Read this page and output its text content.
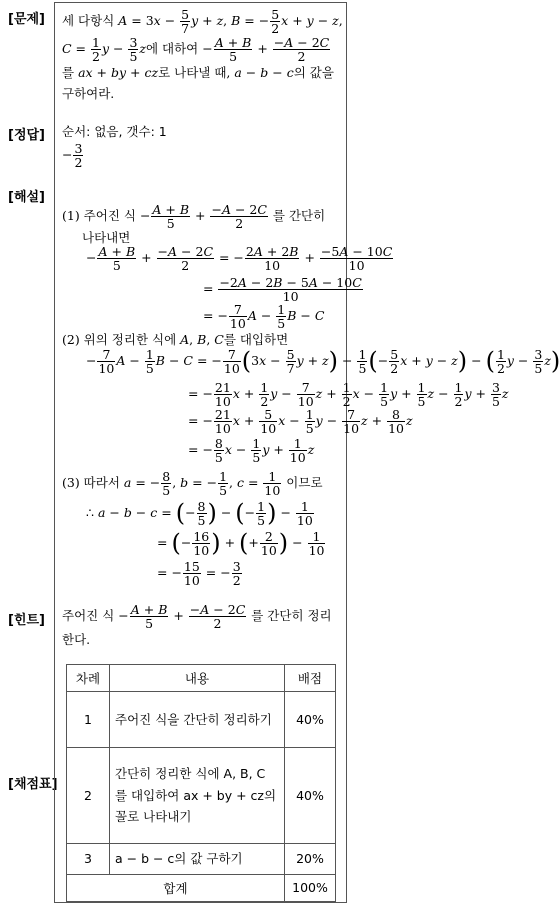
[문제]
[정답]
[해설]
[힌트]
[채점표]
세 다항식 $A = 3x - \frac{5}{7}$ y + z, B = − $\frac{5}{2}$ x + y − z,
$C = \frac{1}{2}$ $y - \frac{3}{5}$ z에 대하여 − $\frac{A + B}{5} + \frac{-A - 2C}{2}$
를 ax + by + cz로 나타낼 때, a − b − c의 값을
구하여라.
순서: 없음, 갯수: 1
− $\frac{3}{2}$
(1) 주어진 식 − $\frac{A + B}{5} + \frac{-A - 2C}{2}$ 를 간단히
나타내면
− $\frac{A + B}{5} + \frac{-A - 2C}{2}$ = − $\frac{2A + 2B}{10} + \frac{-5A - 10C}{10}$
= $\frac{-2A - 2B - 5A - 10C}{10}$
= − $\frac{7}{10}$ $A - \frac{1}{5}$ B − C
(2) 위의 정리한 식에 A, B, C를 대입하면
− $\frac{7}{10}$ $A - \frac{1}{5}$ B − C = − $\frac{7}{10} (3x - \frac{5}{7}$ $y + z) - \frac{1}{5}$ (− $\frac{5}{2}$ x + y − z) − ( $\frac{1}{2}$ $y - \frac{3}{5} z$)
= − $\frac{21}{10}$ $x + \frac{1}{2}$ $y - \frac{7}{10}$ $z + \frac{1}{2}$ $x - \frac{1}{5}$ $y + \frac{1}{5}$ $z - \frac{1}{2}$ $y + \frac{3}{5}$ z
= − $\frac{21}{10}$ $x + \frac{5}{10}$ $x - \frac{1}{5}$ $y - \frac{7}{10}$ $z + \frac{8}{10}$ z
= − $\frac{8}{5}$ $x - \frac{1}{5}$ $y + \frac{1}{10}$ z
(3) 따라서 a = − $\frac{8}{5}$ , b = − $\frac{1}{5}$ , $c = \frac{1}{10}$ 이므로
∴ a − b − c = (− $\frac{8}{5}$ ) − (− $\frac{1}{5}$ ) − $\frac{1}{10}$
= (− $\frac{16}{10}$ ) + (+ $\frac{2}{10}$ ) − $\frac{1}{10}$
= − $\frac{15}{10}$ = − $\frac{3}{2}$
주어진 식 − $\frac{A + B}{5} + \frac{-A - 2C}{2}$ 를 간단히 정리
한다.
차례	내용	배점
1	주어진 식을 간단히 정리하기	40%
2	간단히 정리한 식에 A, B, C 를 대입하여 ax + by + cz의 꼴로 나타내기	40%
3	a − b − c의 값 구하기	20%
합계		100%
